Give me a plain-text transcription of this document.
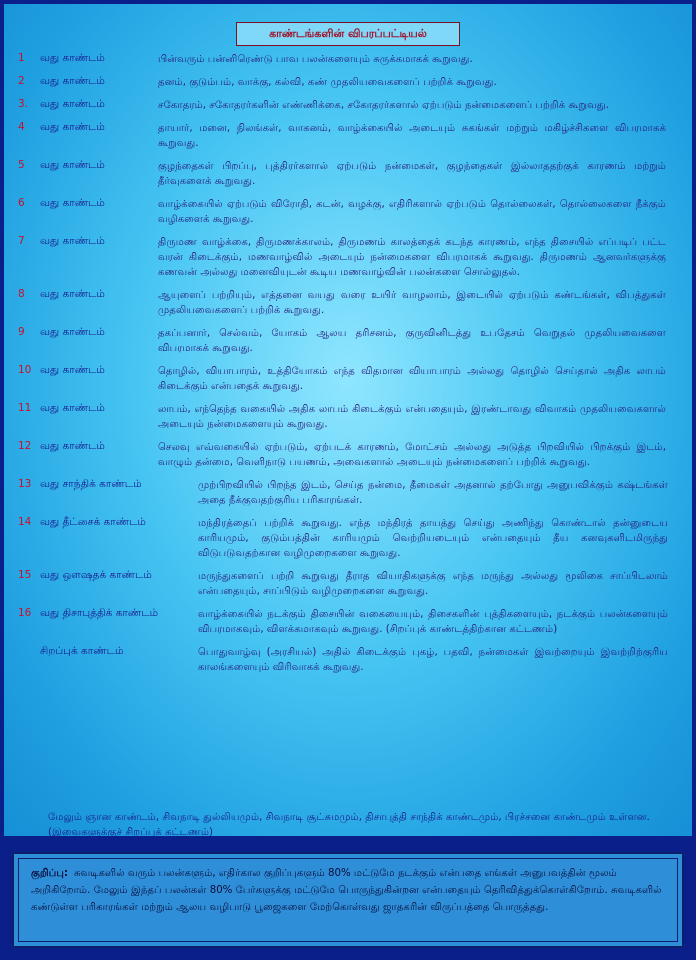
காண்டங்களின் விபரப்பட்டியல்
1	வது காண்டம்	பின்வரும் பன்னிரெண்டு பாவ பலன்களையும் சுருக்கமாகக் கூறுவது.
2	வது காண்டம்	தனம், குடும்பம், வாக்கு, கல்வி, கண் முதலியவைகளைப் பற்றிக் கூறுவது.
3.	வது காண்டம்	சகோதரம், சகோதரர்களின் எண்ணிக்கை, சகோதரர்களால் ஏற்படும் நன்மைகளைப் பற்றிக் கூறுவது.
4	வது காண்டம்	தாயார், மனை, நிலங்கள், வாகனம், வாழ்க்கையில் அடையும் சுகங்கள் மற்றும் மகிழ்ச்சிகளை விபரமாகக் கூறுவது.
5	வது காண்டம்	குழந்தைகள் பிறப்பு, புத்திரர்களால் ஏற்படும் நன்மைகள், குழந்தைகள் இல்லாததற்குக் காரணம் மற்றும் தீர்வுகளைக் கூறுவது.
6	வது காண்டம்	வாழ்க்கையில் ஏற்படும் விரோதி, கடன், வழக்கு, எதிரிகளால் ஏற்படும் தொல்லைகள், தொல்லைகளை நீக்கும் வழிகளைக் கூறுவது.
7	வது காண்டம்	திருமண வாழ்க்கை, திருமணக்காலம், திருமணம் காலத்தைக் கடந்த காரணம், எந்த திசையில் எப்படிப் பட்ட வரன் கிடைக்கும், மணவாழ்வில் அடையும் நன்மைகளை விபரமாகக் கூறுவது. திருமணம் ஆனவர்களுக்கு கணவன் அல்லது மனைவியுடன் கூடிய மணவாழ்வின் பலன்களை சொல்லுதல்.
8	வது காண்டம்	ஆயுளைப் பற்றியும், எத்தனை வயது வரை உயிர் வாழலாம், இடையில் ஏற்படும் கண்டங்கள், விபத்துகள் முதலியவைகளைப் பற்றிக் கூறுவது.
9	வது காண்டம்	தகப்பனார், செல்வம், யோகம் ஆலய தரிசனம், குருவினிடத்து உபதேசம் வெறுதல் முதலியவைகளை விபரமாகக் கூறுவது.
10 வது காண்டம்	தொழில், வியாபாரம், உத்தியோகம் எந்த விதமான வியாபாரம் அல்லது தொழில் செய்தால் அதிக லாபம் கிடைக்கும் என்பதைக் கூறுவது.
11 வது காண்டம்	லாபம், எந்தெந்த வகையில் அதிக லாபம் கிடைக்கும் என்பதையும், இரண்டாவது விவாகம் முதலியவைகளால் அடையும் நன்மைகளையும் கூறுவது.
12 வது காண்டம்	செலவு எவ்வகையில் ஏற்படும், ஏற்படக் காரணம், மோட்சம் அல்லது அடுத்த பிறவியில் பிறக்கும் இடம், வாழும் தன்மை, வெளிநாடு பயணம், அவைகளால் அடையும் நன்மைகளைப் பற்றிக் கூறுவது.
13 வது சாந்திக் காண்டம்	முற்பிறவியில் பிறந்த இடம், செய்த நன்மை, தீமைகள் அதனால் தற்போது அனுபவிக்கும் கஷ்டங்கள் அதை நீக்குவதற்குரிய பரிகாரங்கள்.
14 வது தீட்சைக் காண்டம்	மந்திரத்தைப் பற்றிக் கூறுவது. எந்த மந்திரத் தாயத்து செய்து அணிந்து கொண்டால் தன்னுடைய காரியமும், குடும்பத்தின் காரியமும் வெற்றியடையும் என்பதையும் தீய கனவுகளிடமிருந்து விடுபடுவதற்கான வழிமுறைகளை கூறுவது.
15 வது ஒளஷதக் காண்டம்	மருந்துகளைப் பற்றி கூறுவது தீராத வியாதிகளுக்கு எந்த மருந்து அல்லது மூலிகை சாப்பிடலாம் என்பதையும், சாப்பிடும் வழிமுறைகளை கூறுவது.
16 வது திசாபுத்திக் காண்டம்	வாழ்க்கையில் நடக்கும் திசையின் வகையையும், திசைகளின் புத்திகளையும், நடக்கும் பலன்களையும் விபரமாகவும், விளக்கமாகவும் கூறுவது. (சிறப்புக் காண்டத்திற்கான கட்டணம்)
சிறப்புக் காண்டம்	பொதுவாழ்வு (அரசியல்) அதில் கிடைக்கும் புகழ், பதவி, நன்மைகள் இவற்றையும் இவற்றிற்குரிய காலங்களையும் விரிவாகக் கூறுவது.
மேலும் ஞான காண்டம், சிவநாடி துல்லியமும், சிவநாடி சூட்சுமமும், திசாபுத்தி சாந்திக் காண்டமும், பிரச்சனை காண்டமும் உள்ளன. (இவைகளுக்குச் சிறப்புக் கட்டணம்)
குறிப்பு: சுவடிகளில் வரும் பலன்களும், எதிர்கால குறிப்புகளும் 80% மட்டுமே நடக்கும் என்பதை எங்கள் அனுபவத்தின் மூலம் அறிகிறோம். மேலும் இந்தப் பலன்கள் 80% பேர்களுக்கு மட்டுமே பொருந்துகின்றன என்பதையும் தெரிவித்துக்கொள்கிறோம். சுவடிகளில் கண்டுள்ள பரிகாரங்கள் மற்றும் ஆலய வழிபாடு பூஜைகளை மேற்கொள்வது ஜாதகரின் விருப்பத்தை பொருத்தது.
